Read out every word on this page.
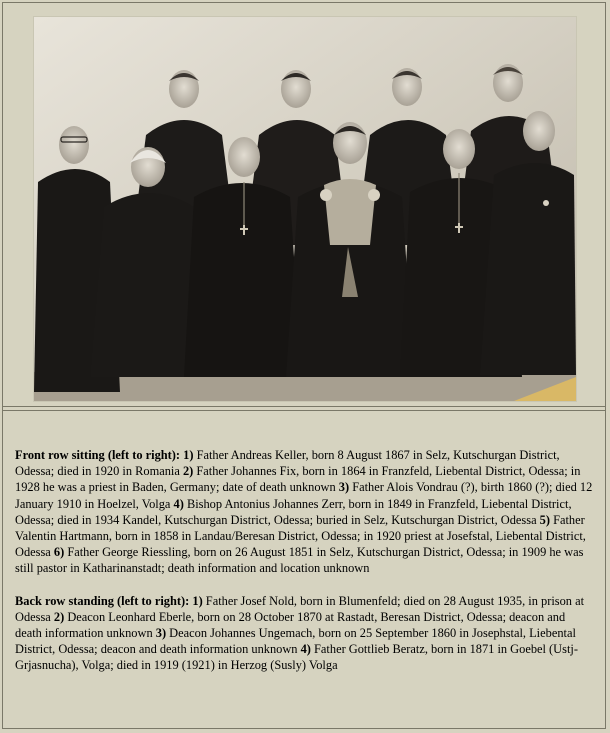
Front row sitting (left to right): 1) Father Andreas Keller, born 8 August 1867 in Selz, Kutschurgan District, Odessa; died in 1920 in Romania 2) Father Johannes Fix, born in 1864 in Franzfeld, Liebental District, Odessa; in 1928 he was a priest in Baden, Germany; date of death unknown 3) Father Alois Vondrau (?), birth 1860 (?); died 12 January 1910 in Hoelzel, Volga 4) Bishop Antonius Johannes Zerr, born in 1849 in Franzfeld, Liebental District, Odessa; died in 1934 Kandel, Kutschurgan District, Odessa; buried in Selz, Kutschurgan District, Odessa 5) Father Valentin Hartmann, born in 1858 in Landau/Beresan District, Odessa; in 1920 priest at Josefstal, Liebental District, Odessa 6) Father George Riessling, born on 26 August 1851 in Selz, Kutschurgan District, Odessa; in 1909 he was still pastor in Katharinanstadt; death information and location unknown

Back row standing (left to right): 1) Father Josef Nold, born in Blumenfeld; died on 28 August 1935, in prison at Odessa 2) Deacon Leonhard Eberle, born on 28 October 1870 at Rastadt, Beresan District, Odessa; deacon and death information unknown 3) Deacon Johannes Ungemach, born on 25 September 1860 in Josephstal, Liebental District, Odessa; deacon and death information unknown 4) Father Gottlieb Beratz, born in 1871 in Goebel (Ustj-Grjasnucha), Volga; died in 1919 (1921) in Herzog (Susly) Volga
